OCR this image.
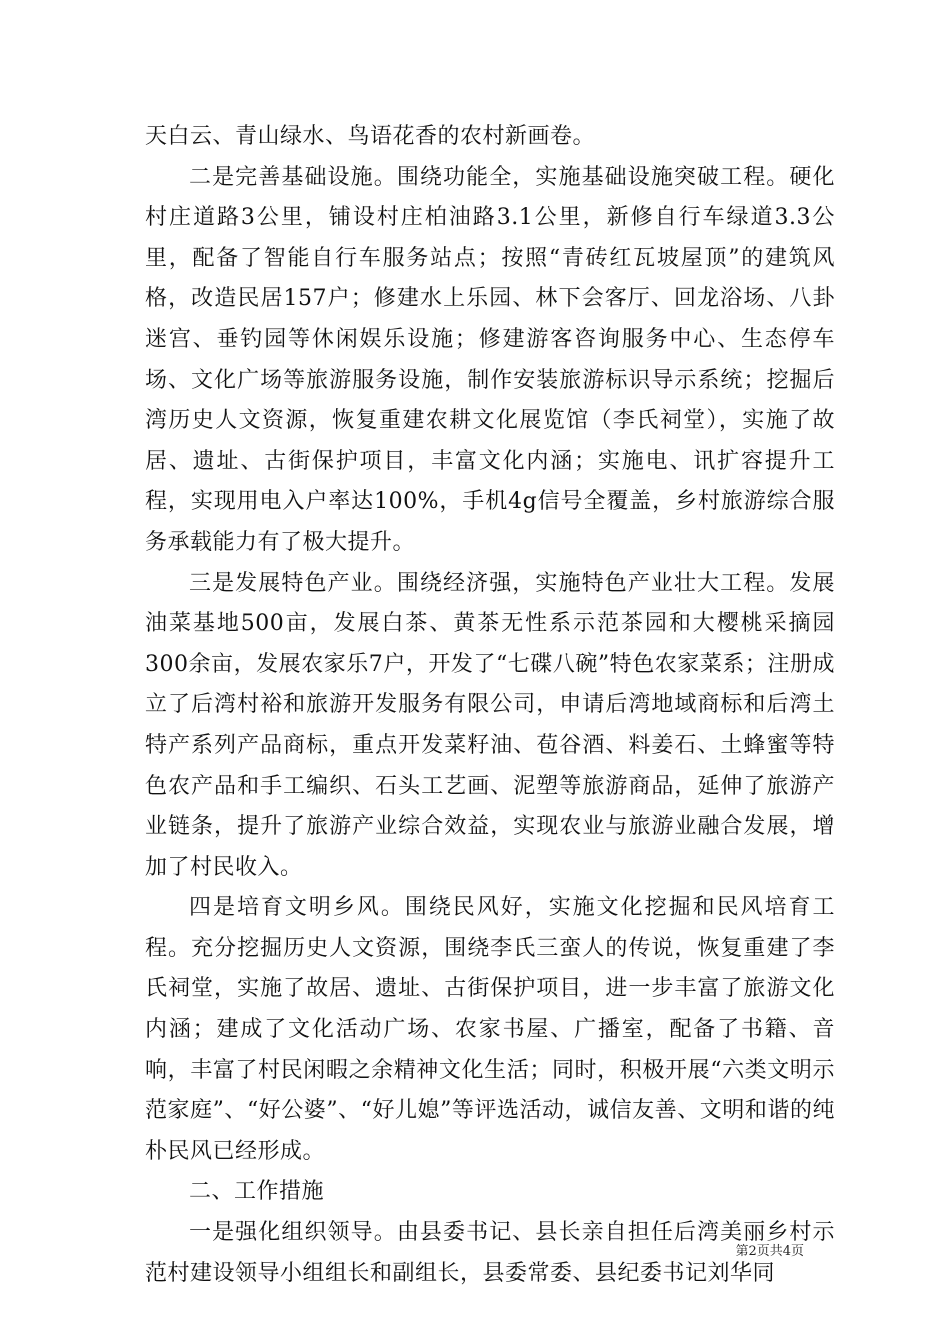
天白云、青山绿水、鸟语花香的农村新画卷。

二是完善基础设施。围绕功能全，实施基础设施突破工程。硬化村庄道路3公里，铺设村庄柏油路3.1公里，新修自行车绿道3.3公里，配备了智能自行车服务站点；按照“青砖红瓦坡屋顶”的建筑风格，改造民居157户；修建水上乐园、林下会客厅、回龙浴场、八卦迷宫、垂钓园等休闲娱乐设施；修建游客咨询服务中心、生态停车场、文化广场等旅游服务设施，制作安装旅游标识导示系统；挖掘后湾历史人文资源，恢复重建农耕文化展览馆（李氏祠堂），实施了故居、遗址、古街保护项目，丰富文化内涵；实施电、讯扩容提升工程，实现用电入户率达100%，手机4g信号全覆盖，乡村旅游综合服务承载能力有了极大提升。

三是发展特色产业。围绕经济强，实施特色产业壮大工程。发展油菜基地500亩，发展白茶、黄茶无性系示范茶园和大樱桃采摘园300余亩，发展农家乐7户，开发了“七碟八碗”特色农家菜系；注册成立了后湾村裕和旅游开发服务有限公司，申请后湾地域商标和后湾土特产系列产品商标，重点开发菜籽油、苞谷酒、料姜石、土蜂蜜等特色农产品和手工编织、石头工艺画、泥塑等旅游商品，延伸了旅游产业链条，提升了旅游产业综合效益，实现农业与旅游业融合发展，增加了村民收入。

四是培育文明乡风。围绕民风好，实施文化挖掘和民风培育工程。充分挖掘历史人文资源，围绕李氏三蛮人的传说，恢复重建了李氏祠堂，实施了故居、遗址、古街保护项目，进一步丰富了旅游文化内涵；建成了文化活动广场、农家书屋、广播室，配备了书籍、音响，丰富了村民闲暇之余精神文化生活；同时，积极开展“六类文明示范家庭”、“好公婆”、“好儿媳”等评选活动，诚信友善、文明和谐的纯朴民风已经形成。

二、工作措施

一是强化组织领导。由县委书记、县长亲自担任后湾美丽乡村示范村建设领导小组组长和副组长，县委常委、县纪委书记刘华同

第2页共4页
